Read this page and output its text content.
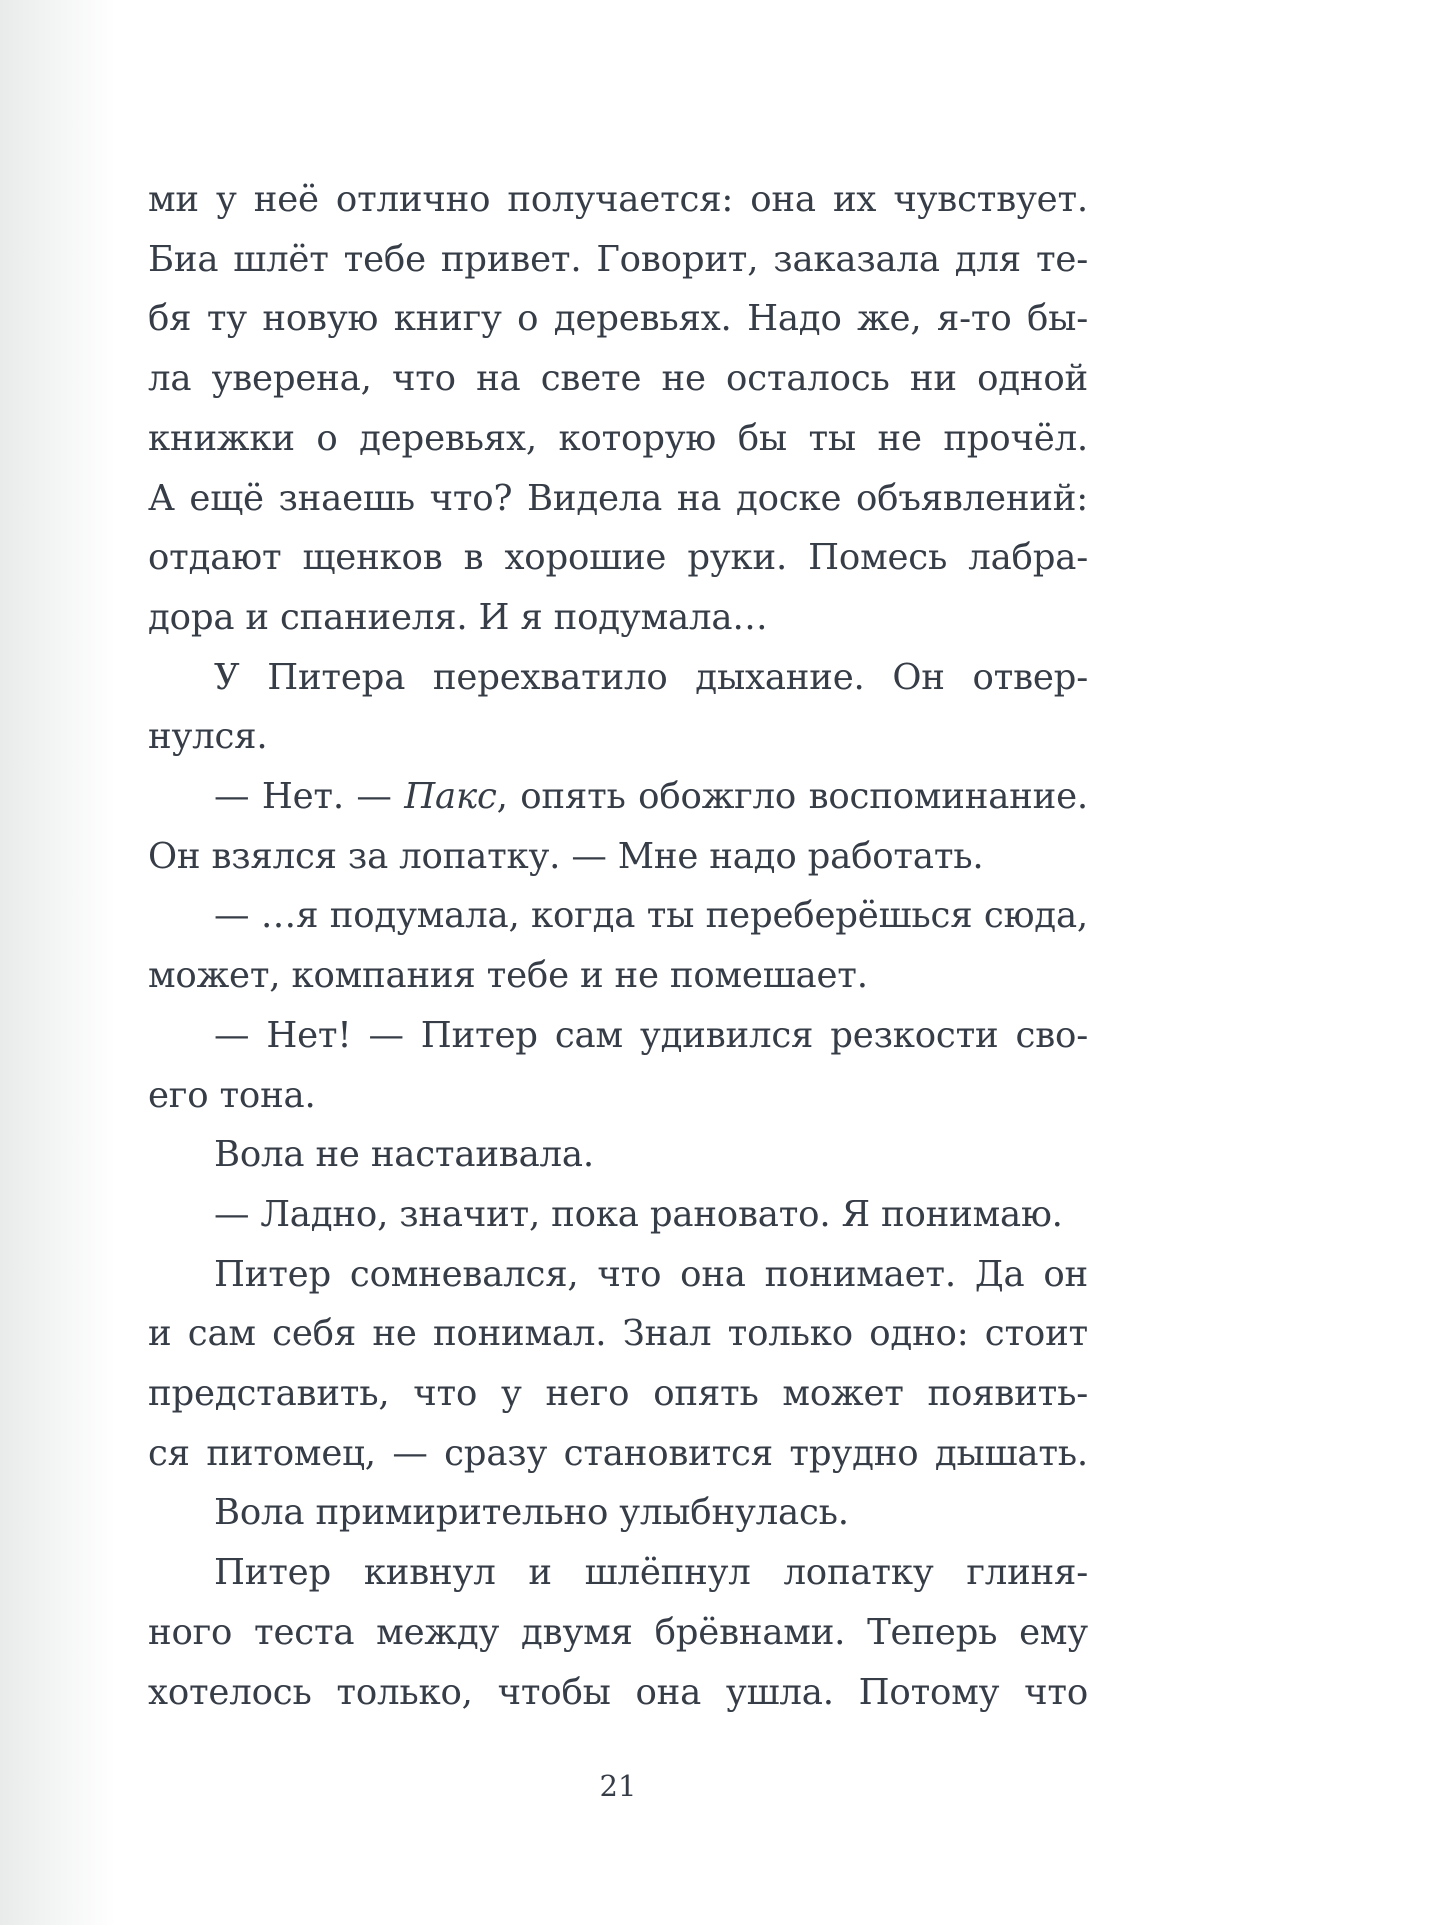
ми у неё отлично получается: она их чувствует.
Биа шлёт тебе привет. Говорит, заказала для те-
бя ту новую книгу о деревьях. Надо же, я-то бы-
ла уверена, что на свете не осталось ни одной
книжки о деревьях, которую бы ты не прочёл.
А ещё знаешь что? Видела на доске объявлений:
отдают щенков в хорошие руки. Помесь лабра-
дора и спаниеля. И я подумала…
У Питера перехватило дыхание. Он отвер-
нулся.
— Нет. — Пакс, опять обожгло воспоминание.
Он взялся за лопатку. — Мне надо работать.
— …я подумала, когда ты переберёшься сюда,
может, компания тебе и не помешает.
— Нет! — Питер сам удивился резкости сво-
его тона.
Вола не настаивала.
— Ладно, значит, пока рановато. Я понимаю.
Питер сомневался, что она понимает. Да он
и сам себя не понимал. Знал только одно: стоит
представить, что у него опять может появить-
ся питомец, — сразу становится трудно дышать.
Вола примирительно улыбнулась.
Питер кивнул и шлёпнул лопатку глиня-
ного теста между двумя брёвнами. Теперь ему
хотелось только, чтобы она ушла. Потому что
21
